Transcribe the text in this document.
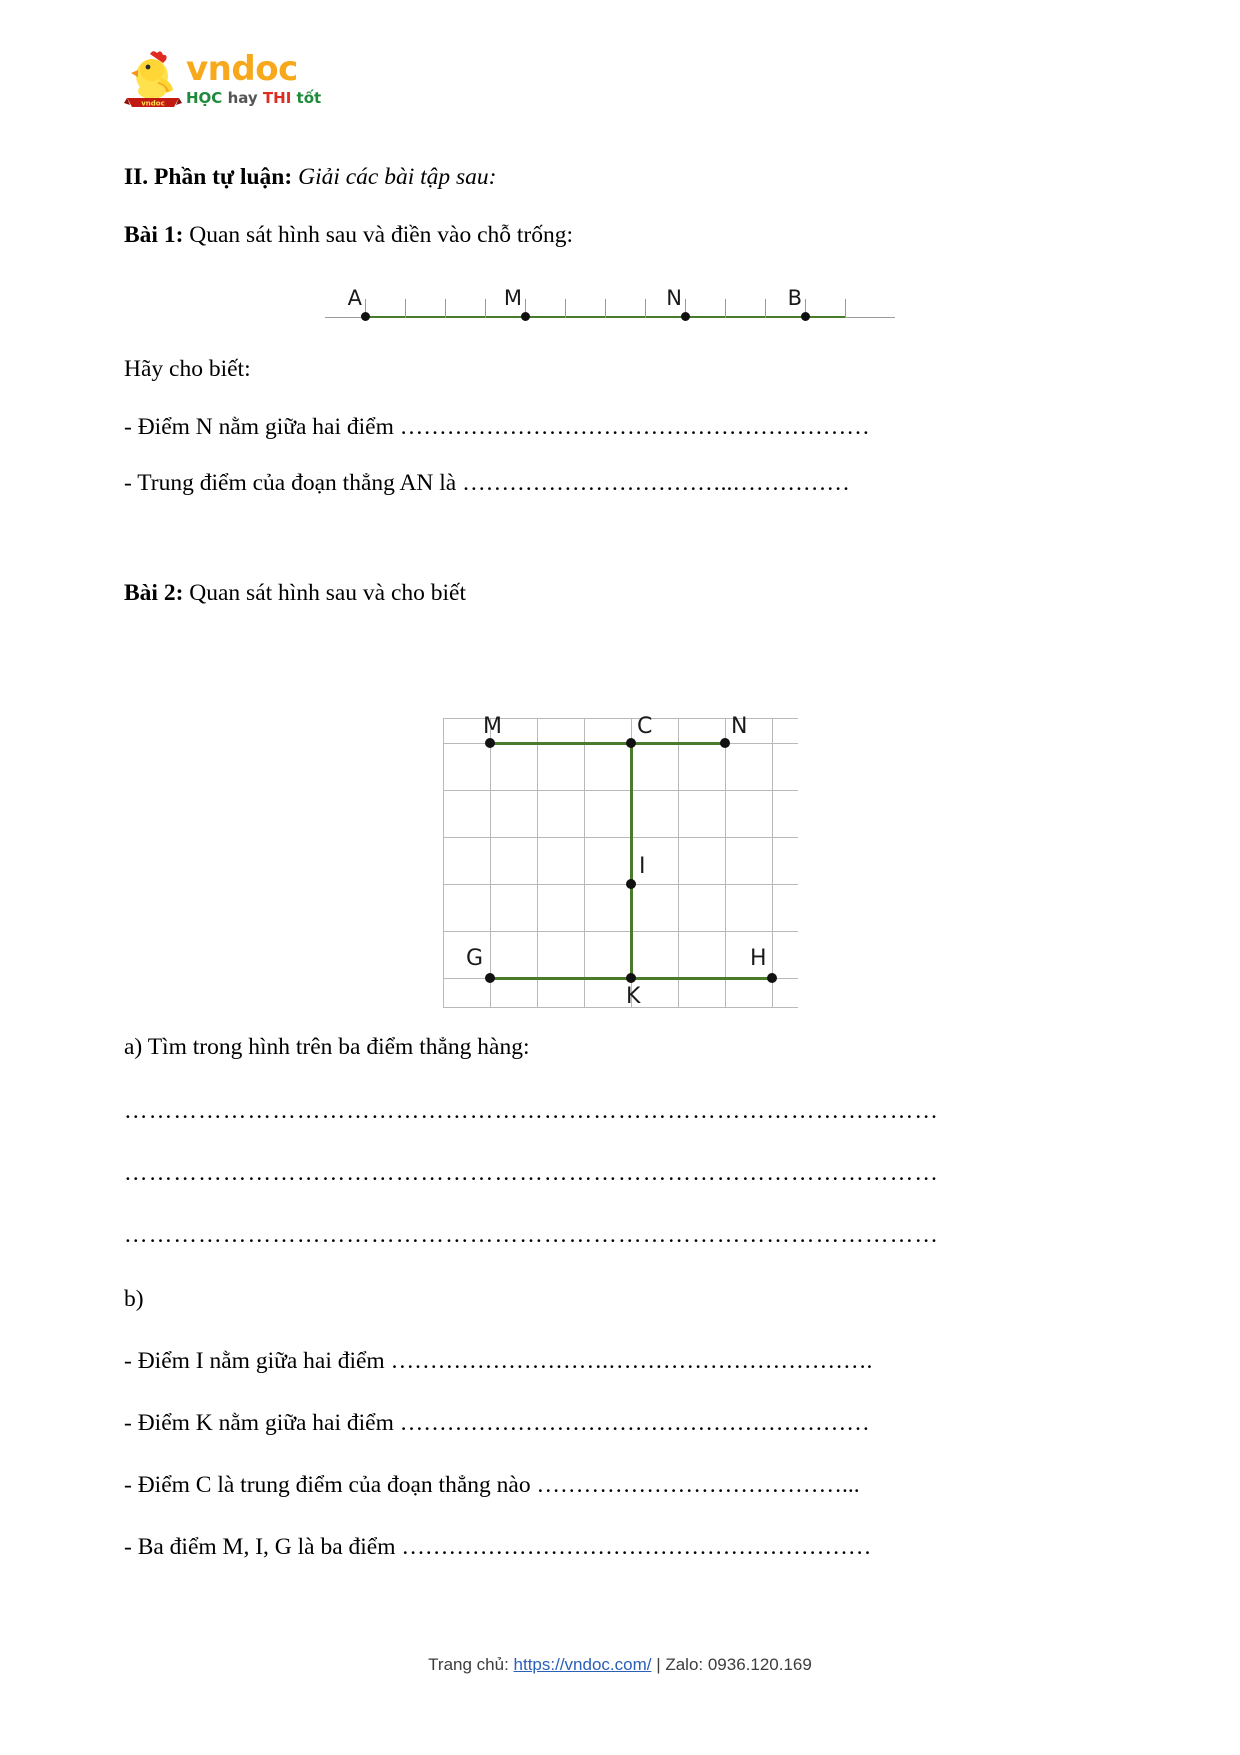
vndoc
vndoc
HỌC hay THI tốt
II. Phần tự luận: Giải các bài tập sau:
Bài 1: Quan sát hình sau và điền vào chỗ trống:
A	M	N	B
Hãy cho biết:
- Điểm N nằm giữa hai điểm ……………………………………………………
- Trung điểm của đoạn thẳng AN là ……………………………..……………
Bài 2: Quan sát hình sau và cho biết
M	C	N
I
G
K
H
a) Tìm trong hình trên ba điểm thẳng hàng:
………………………………………………………………………………………
………………………………………………………………………………………
………………………………………………………………………………………
b)
- Điểm I nằm giữa hai điểm ……………………….…………………………….
- Điểm K nằm giữa hai điểm ……………………………………………………
- Điểm C là trung điểm của đoạn thẳng nào …………………………………...
- Ba điểm M, I, G là ba điểm ……………………………………………………
Trang chủ: https://vndoc.com/ | Zalo: 0936.120.169
